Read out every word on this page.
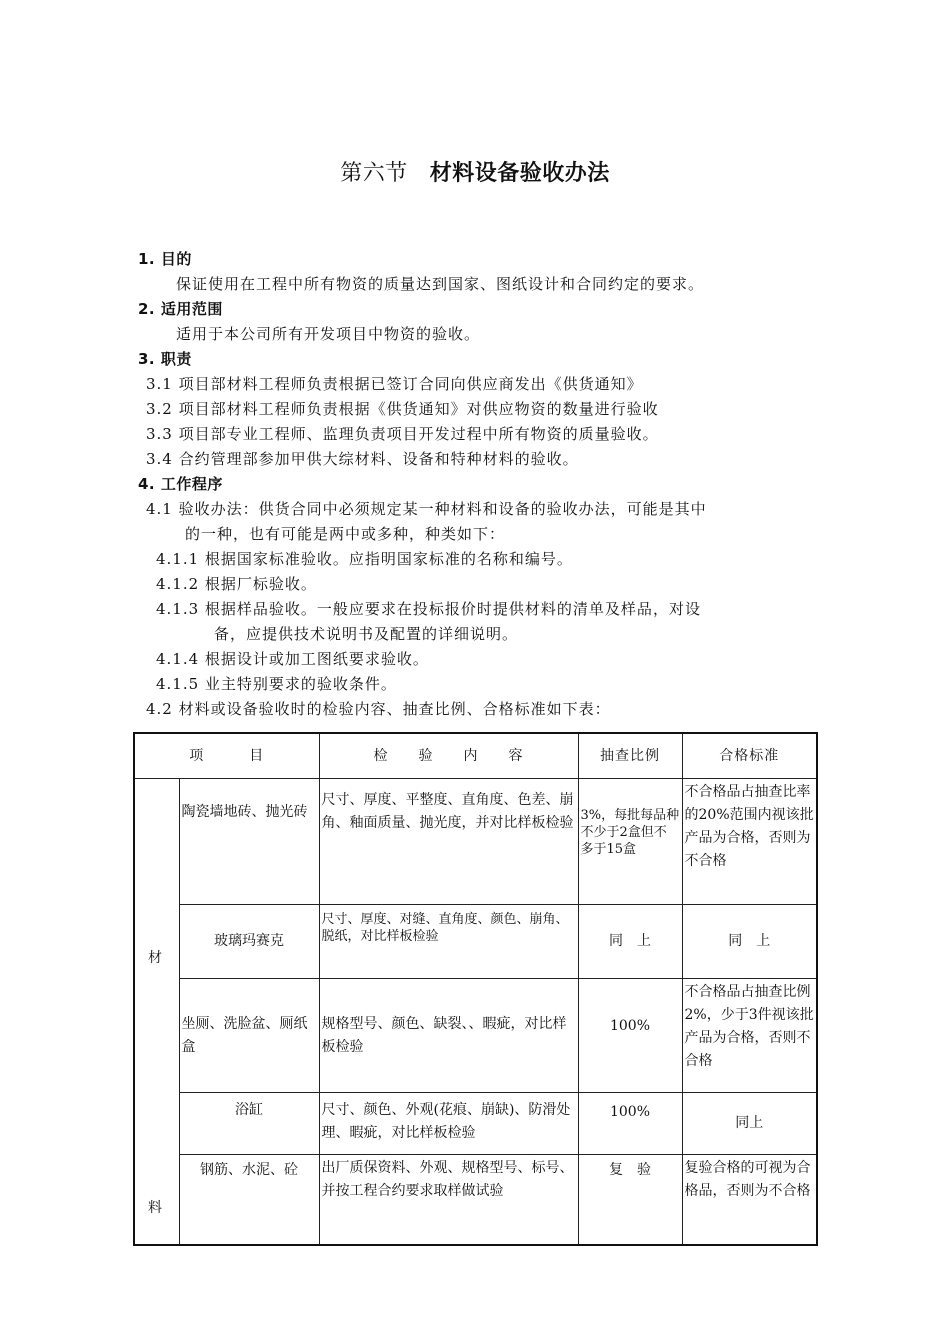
第六节 材料设备验收办法
1. 目的
保证使用在工程中所有物资的质量达到国家、图纸设计和合同约定的要求。
2. 适用范围
适用于本公司所有开发项目中物资的验收。
3. 职责
3.1 项目部材料工程师负责根据已签订合同向供应商发出《供货通知》
3.2 项目部材料工程师负责根据《供货通知》对供应物资的数量进行验收
3.3 项目部专业工程师、监理负责项目开发过程中所有物资的质量验收。
3.4 合约管理部参加甲供大综材料、设备和特种材料的验收。
4. 工作程序
4.1 验收办法：供货合同中必须规定某一种材料和设备的验收办法，可能是其中
的一种，也有可能是两中或多种，种类如下：
4.1.1 根据国家标准验收。应指明国家标准的名称和编号。
4.1.2 根据厂标验收。
4.1.3 根据样品验收。一般应要求在投标报价时提供材料的清单及样品，对设
备，应提供技术说明书及配置的详细说明。
4.1.4 根据设计或加工图纸要求验收。
4.1.5 业主特别要求的验收条件。
4.2 材料或设备验收时的检验内容、抽查比例、合格标准如下表：
项　　　目		检　　验　　内　　容	抽查比例	合格标准

材
料	陶瓷墙地砖、抛光砖	尺寸、厚度、平整度、直角度、色差、崩角、釉面质量、抛光度，并对比样板检验	3%，每批每品种不少于2盒但不多于15盒	不合格品占抽查比率的20%范围内视该批产品为合格，否则为不合格
	玻璃玛赛克	尺寸、厚度、对缝、直角度、颜色、崩角、脱纸，对比样板检验	同　上	同　上
	坐厕、洗脸盆、厕纸盒	规格型号、颜色、缺裂、、暇疵，对比样板检验	100%	不合格品占抽查比例2%，少于3件视该批产品为合格，否则不合格
	浴缸	尺寸、颜色、外观(花痕、崩缺)、防滑处理、暇疵，对比样板检验	100%	同上
	钢筋、水泥、砼	出厂质保资料、外观、规格型号、标号、并按工程合约要求取样做试验	复　验	复验合格的可视为合格品，否则为不合格
